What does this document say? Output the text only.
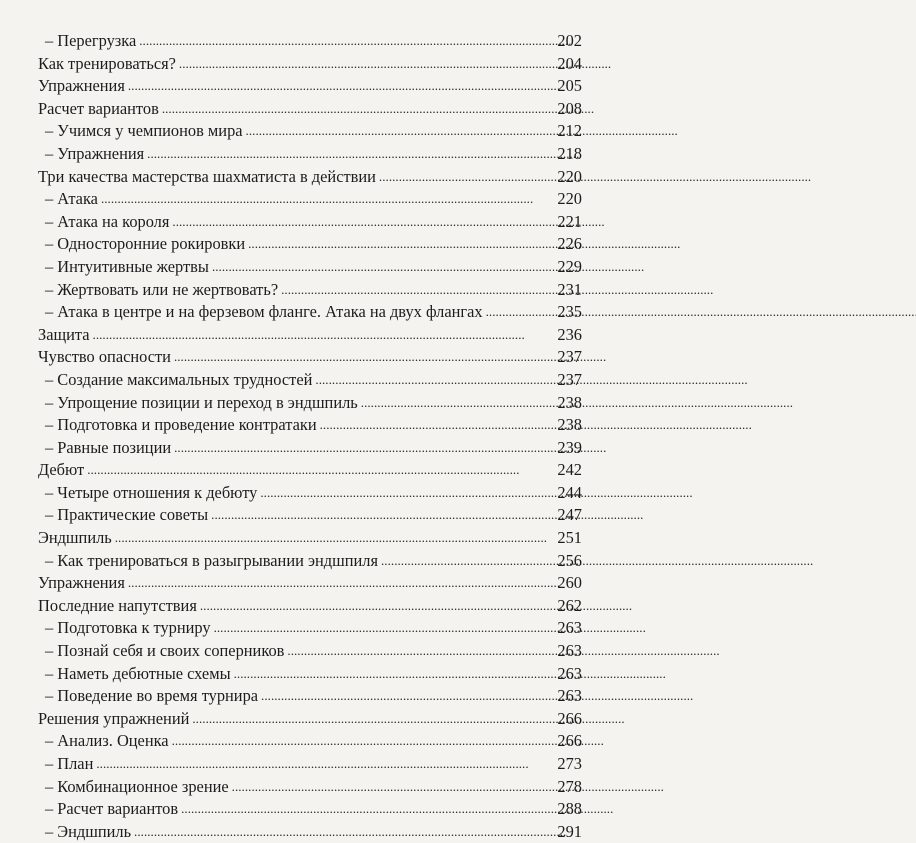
– Перегрузка . . .	202
Как тренироваться? . . .	204
Упражнения . . .	205
Расчет вариантов . . .	208
– Учимся у чемпионов мира . . .	212
– Упражнения . . .	218
Три качества мастерства шахматиста в действии . . .	220
– Атака . . .	220
– Атака на короля . . .	221
– Односторонние рокировки . . .	226
– Интуитивные жертвы . . .	229
– Жертвовать или не жертвовать? . . .	231
– Атака в центре и на ферзевом фланге. Атака на двух флангах . . .	235
Защита . . .	236
Чувство опасности . . .	237
– Создание максимальных трудностей . . .	237
– Упрощение позиции и переход в эндшпиль . . .	238
– Подготовка и проведение контратаки . . .	238
– Равные позиции . . .	239
Дебют . . .	242
– Четыре отношения к дебюту . . .	244
– Практические советы . . .	247
Эндшпиль . . .	251
– Как тренироваться в разыгрывании эндшпиля . . .	256
Упражнения . . .	260
Последние напутствия . . .	262
– Подготовка к турниру . . .	263
– Познай себя и своих соперников . . .	263
– Наметь дебютные схемы . . .	263
– Поведение во время турнира . . .	263
Решения упражнений . . .	266
– Анализ. Оценка . . .	266
– План . . .	273
– Комбинационное зрение . . .	278
– Расчет вариантов . . .	288
– Эндшпиль . . .	291
